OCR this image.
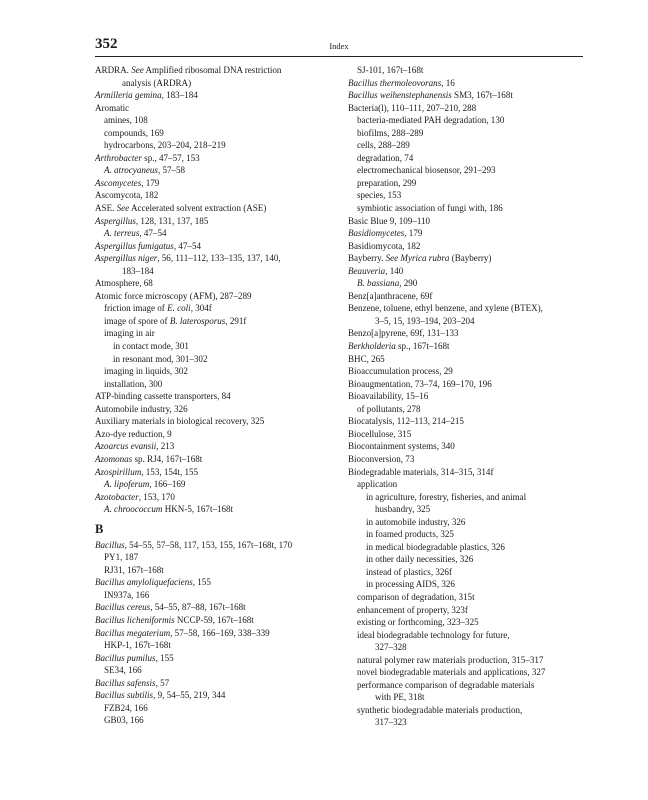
352	Index
ARDRA. See Amplified ribosomal DNA restriction
analysis (ARDRA)
Armilleria gemina, 183–184
Aromatic
amines, 108
compounds, 169
hydrocarbons, 203–204, 218–219
Arthrobacter sp., 47–57, 153
A. atrocyaneus, 57–58
Ascomycetes, 179
Ascomycota, 182
ASE. See Accelerated solvent extraction (ASE)
Aspergillus, 128, 131, 137, 185
A. terreus, 47–54
Aspergillus fumigatus, 47–54
Aspergillus niger, 56, 111–112, 133–135, 137, 140,
183–184
Atmosphere, 68
Atomic force microscopy (AFM), 287–289
friction image of E. coli, 304f
image of spore of B. laterosporus, 291f
imaging in air
in contact mode, 301
in resonant mod, 301–302
imaging in liquids, 302
installation, 300
ATP-binding cassette transporters, 84
Automobile industry, 326
Auxiliary materials in biological recovery, 325
Azo-dye reduction, 9
Azoarcus evansii, 213
Azomonas sp. RJ4, 167t–168t
Azospirillum, 153, 154t, 155
A. lipoferum, 166–169
Azotobacter, 153, 170
A. chroococcum HKN-5, 167t–168t
B
Bacillus, 54–55, 57–58, 117, 153, 155, 167t–168t, 170
PY1, 187
RJ31, 167t–168t
Bacillus amyloliquefaciens, 155
IN937a, 166
Bacillus cereus, 54–55, 87–88, 167t–168t
Bacillus licheniformis NCCP-59, 167t–168t
Bacillus megaterium, 57–58, 166–169, 338–339
HKP-1, 167t–168t
Bacillus pumilus, 155
SE34, 166
Bacillus safensis, 57
Bacillus subtilis, 9, 54–55, 219, 344
FZB24, 166
GB03, 166
SJ-101, 167t–168t
Bacillus thermoleovorans, 16
Bacillus weihenstephanensis SM3, 167t–168t
Bacteria(l), 110–111, 207–210, 288
bacteria-mediated PAH degradation, 130
biofilms, 288–289
cells, 288–289
degradation, 74
electromechanical biosensor, 291–293
preparation, 299
species, 153
symbiotic association of fungi with, 186
Basic Blue 9, 109–110
Basidiomycetes, 179
Basidiomycota, 182
Bayberry. See Myrica rubra (Bayberry)
Beauveria, 140
B. bassiana, 290
Benz[a]anthracene, 69f
Benzene, toluene, ethyl benzene, and xylene (BTEX),
3–5, 15, 193–194, 203–204
Benzo[a]pyrene, 69f, 131–133
Berkholderia sp., 167t–168t
BHC, 265
Bioaccumulation process, 29
Bioaugmentation, 73–74, 169–170, 196
Bioavailability, 15–16
of pollutants, 278
Biocatalysis, 112–113, 214–215
Biocellulose, 315
Biocontainment systems, 340
Bioconversion, 73
Biodegradable materials, 314–315, 314f
application
in agriculture, forestry, fisheries, and animal
husbandry, 325
in automobile industry, 326
in foamed products, 325
in medical biodegradable plastics, 326
in other daily necessities, 326
instead of plastics, 326f
in processing AIDS, 326
comparison of degradation, 315t
enhancement of property, 323f
existing or forthcoming, 323–325
ideal biodegradable technology for future,
327–328
natural polymer raw materials production, 315–317
novel biodegradable materials and applications, 327
performance comparison of degradable materials
with PE, 318t
synthetic biodegradable materials production,
317–323
